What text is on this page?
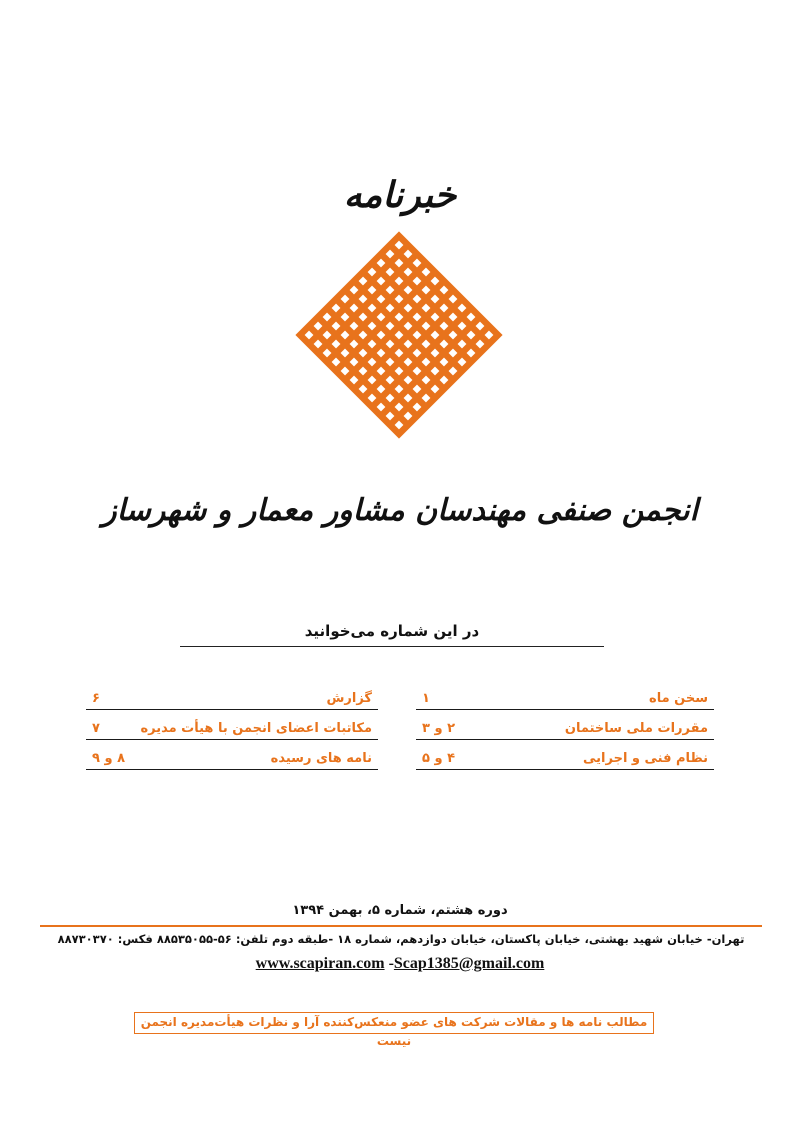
خبرنامه
انجمن صنفی مهندسان مشاور معمار و شهرساز
در این شماره می‌خوانید
سخن ماه
۱
مقررات ملی ساختمان
۲ و ۳
نظام فنی و اجرایی
۴ و ۵
گزارش
۶
مکاتبات اعضای انجمن با هیأت مدیره
۷
نامه های رسیده
۸ و ۹
دوره هشتم، شماره ۵، بهمن ۱۳۹۴
تهران- خیابان شهید بهشتی، خیابان پاکستان، خیابان دوازدهم، شماره ۱۸ -طبقه دوم تلفن: ۵۶-۸۸۵۳۵۰۵۵ فکس: ۸۸۷۳۰۳۷۰
www.scapiran.com -Scap1385@gmail.com
مطالب نامه ها و مقالات شرکت های عضو منعکس‌کننده آرا و نظرات هیأت‌مدیره انجمن نیست
